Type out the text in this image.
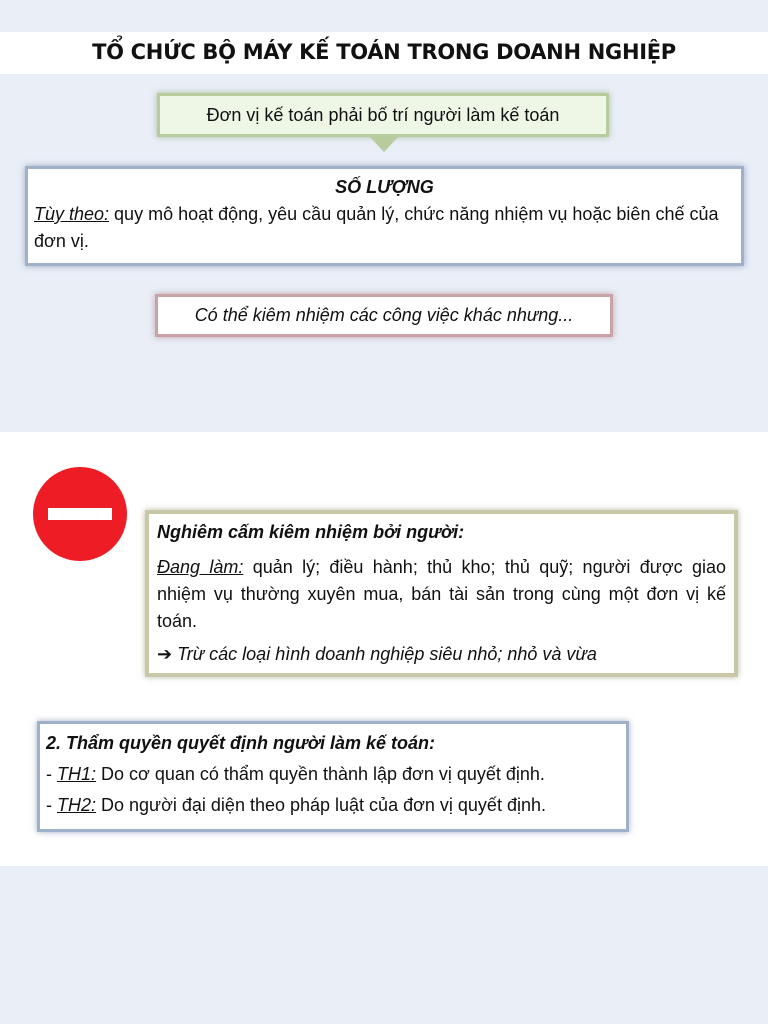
TỔ CHỨC BỘ MÁY KẾ TOÁN TRONG DOANH NGHIỆP
Đơn vị kế toán phải bố trí người làm kế toán
SỐ LƯỢNG
Tùy theo: quy mô hoạt động, yêu cầu quản lý, chức năng nhiệm vụ hoặc biên chế của đơn vị.
Có thể kiêm nhiệm các công việc khác nhưng...

Nghiêm cấm kiêm nhiệm bởi người:

Đang làm: quản lý; điều hành; thủ kho; thủ quỹ; người được giao nhiệm vụ thường xuyên mua, bán tài sản trong cùng một đơn vị kế toán.

➔ Trừ các loại hình doanh nghiệp siêu nhỏ; nhỏ và vừa

2. Thẩm quyền quyết định người làm kế toán:

- TH1: Do cơ quan có thẩm quyền thành lập đơn vị quyết định.

- TH2: Do người đại diện theo pháp luật của đơn vị quyết định.
